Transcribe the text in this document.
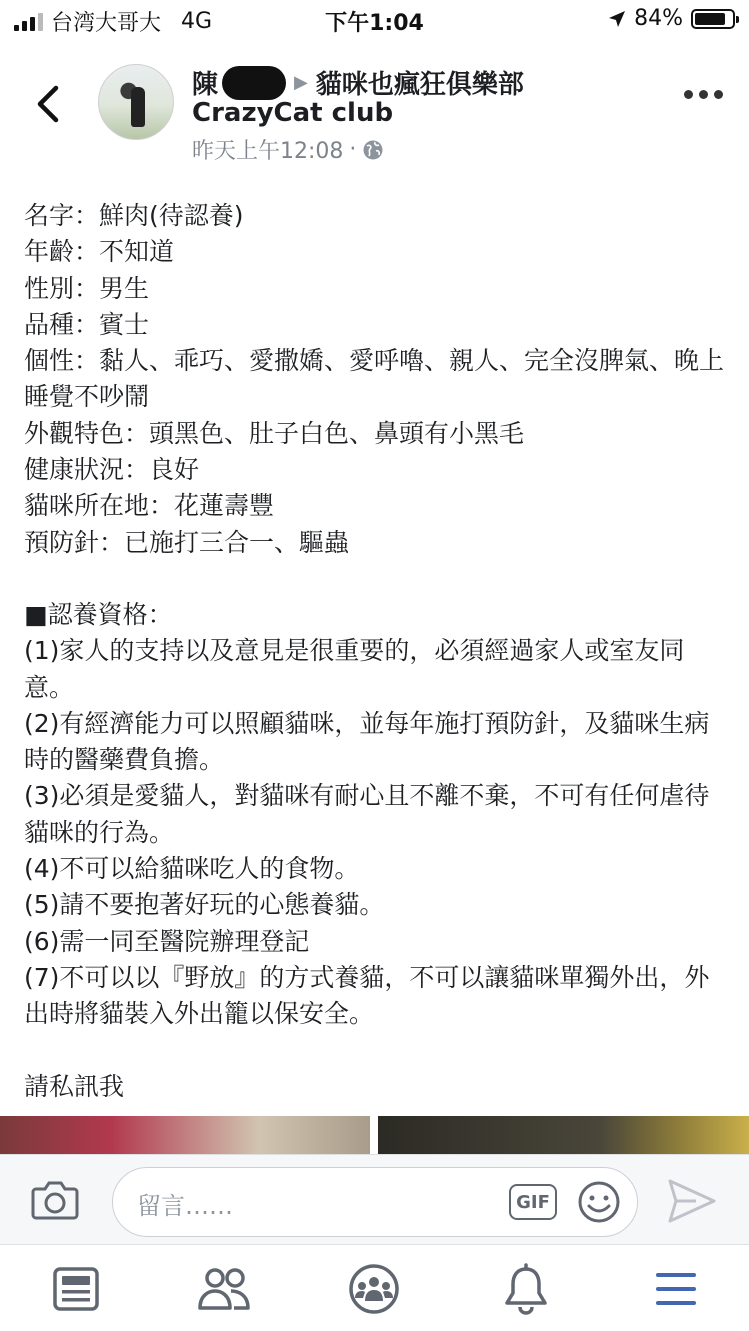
台湾大哥大 4G	下午1:04	84%
陳	▶ 貓咪也瘋狂俱樂部
CrazyCat club
昨天上午12:08 ·

名字：鮮肉(待認養)

年齡：不知道

性別：男生

品種：賓士

個性：黏人、乖巧、愛撒嬌、愛呼嚕、親人、完全沒脾氣、晚上睡覺不吵鬧

外觀特色：頭黑色、肚子白色、鼻頭有小黑毛

健康狀況：良好

貓咪所在地：花蓮壽豐

預防針：已施打三合一、驅蟲

■認養資格：

(1)家人的支持以及意見是很重要的，必須經過家人或室友同意。

(2)有經濟能力可以照顧貓咪，並每年施打預防針，及貓咪生病時的醫藥費負擔。

(3)必須是愛貓人，對貓咪有耐心且不離不棄，不可有任何虐待貓咪的行為。

(4)不可以給貓咪吃人的食物。

(5)請不要抱著好玩的心態養貓。

(6)需一同至醫院辦理登記

(7)不可以以『野放』的方式養貓，不可以讓貓咪單獨外出，外出時將貓裝入外出籠以保安全。

請私訊我

留言……	GIF
